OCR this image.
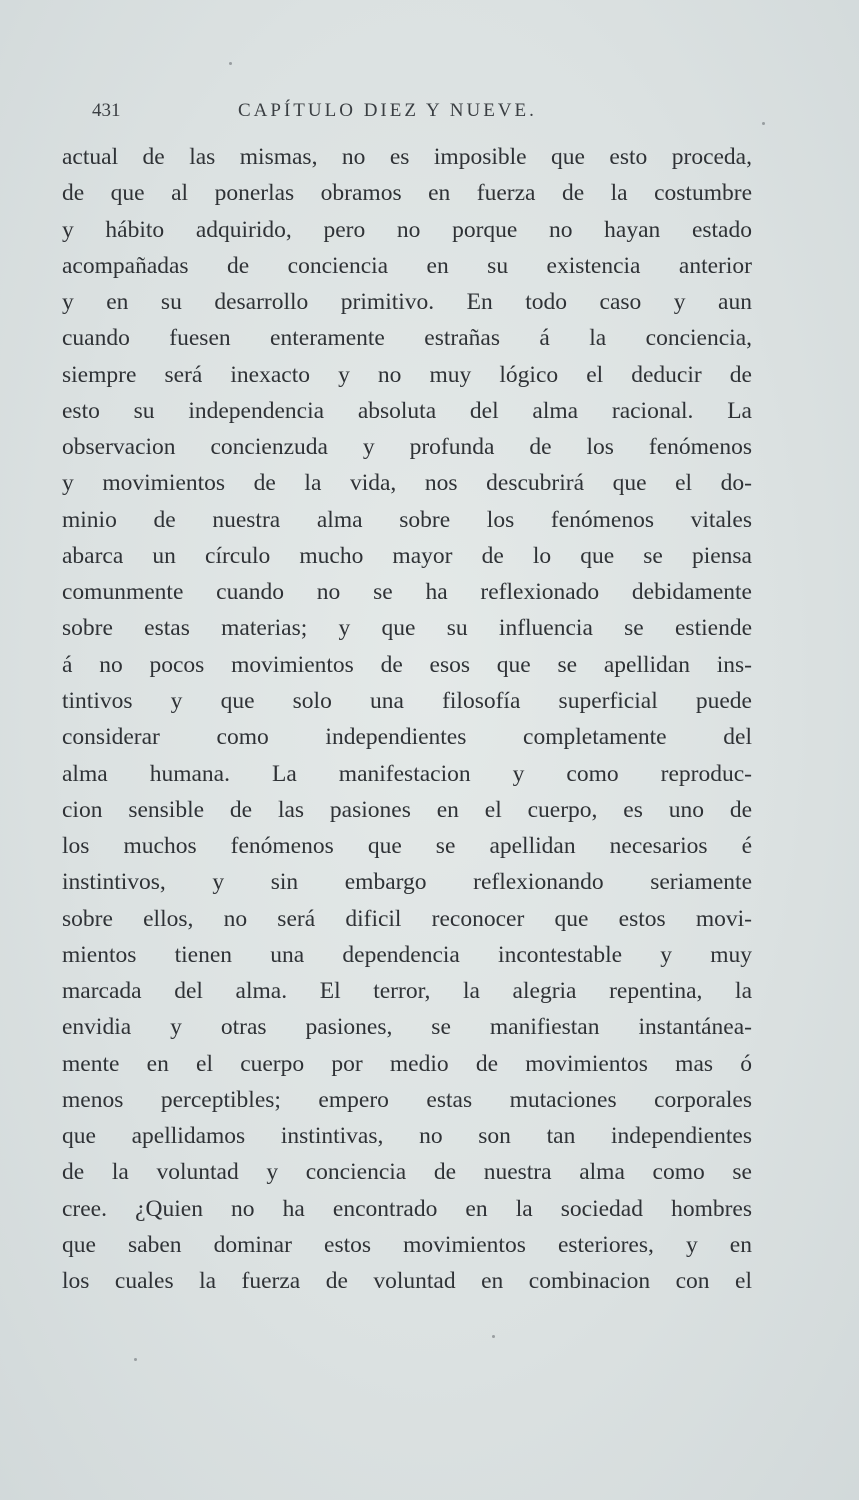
431	CAPÍTULO DIEZ Y NUEVE.
actual de las mismas, no es imposible que esto proceda,
de que al ponerlas obramos en fuerza de la costumbre
y hábito adquirido, pero no porque no hayan estado
acompañadas de conciencia en su existencia anterior
y en su desarrollo primitivo. En todo caso y aun
cuando fuesen enteramente estrañas á la conciencia,
siempre será inexacto y no muy lógico el deducir de
esto su independencia absoluta del alma racional. La
observacion concienzuda y profunda de los fenómenos
y movimientos de la vida, nos descubrirá que el do-
minio de nuestra alma sobre los fenómenos vitales
abarca un círculo mucho mayor de lo que se piensa
comunmente cuando no se ha reflexionado debidamente
sobre estas materias; y que su influencia se estiende
á no pocos movimientos de esos que se apellidan ins-
tintivos y que solo una filosofía superficial puede
considerar como independientes completamente del
alma humana. La manifestacion y como reproduc-
cion sensible de las pasiones en el cuerpo, es uno de
los muchos fenómenos que se apellidan necesarios é
instintivos, y sin embargo reflexionando seriamente
sobre ellos, no será dificil reconocer que estos movi-
mientos tienen una dependencia incontestable y muy
marcada del alma. El terror, la alegria repentina, la
envidia y otras pasiones, se manifiestan instantánea-
mente en el cuerpo por medio de movimientos mas ó
menos perceptibles; empero estas mutaciones corporales
que apellidamos instintivas, no son tan independientes
de la voluntad y conciencia de nuestra alma como se
cree. ¿Quien no ha encontrado en la sociedad hombres
que saben dominar estos movimientos esteriores, y en
los cuales la fuerza de voluntad en combinacion con el
